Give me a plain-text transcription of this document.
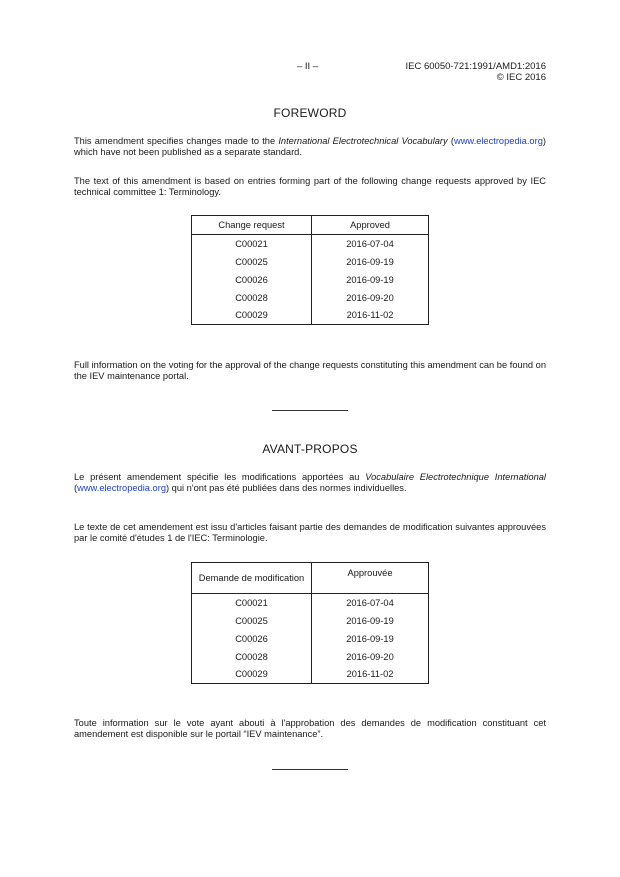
– II –	IEC 60050-721:1991/AMD1:2016
© IEC 2016
FOREWORD
This amendment specifies changes made to the International Electrotechnical Vocabulary (www.electropedia.org) which have not been published as a separate standard.
The text of this amendment is based on entries forming part of the following change requests approved by IEC technical committee 1: Terminology.
Change request	Approved
C00021	2016-07-04
C00025	2016-09-19
C00026	2016-09-19
C00028	2016-09-20
C00029	2016-11-02
Full information on the voting for the approval of the change requests constituting this amendment can be found on the IEV maintenance portal.
AVANT-PROPOS
Le présent amendement spécifie les modifications apportées au Vocabulaire Electrotechnique International (www.electropedia.org) qui n'ont pas été publiées dans des normes individuelles.
Le texte de cet amendement est issu d'articles faisant partie des demandes de modification suivantes approuvées par le comité d'études 1 de l'IEC: Terminologie.
Demande de modification	Approuvée
C00021	2016-07-04
C00025	2016-09-19
C00026	2016-09-19
C00028	2016-09-20
C00029	2016-11-02
Toute information sur le vote ayant abouti à l'approbation des demandes de modification constituant cet amendement est disponible sur le portail “IEV maintenance”.
